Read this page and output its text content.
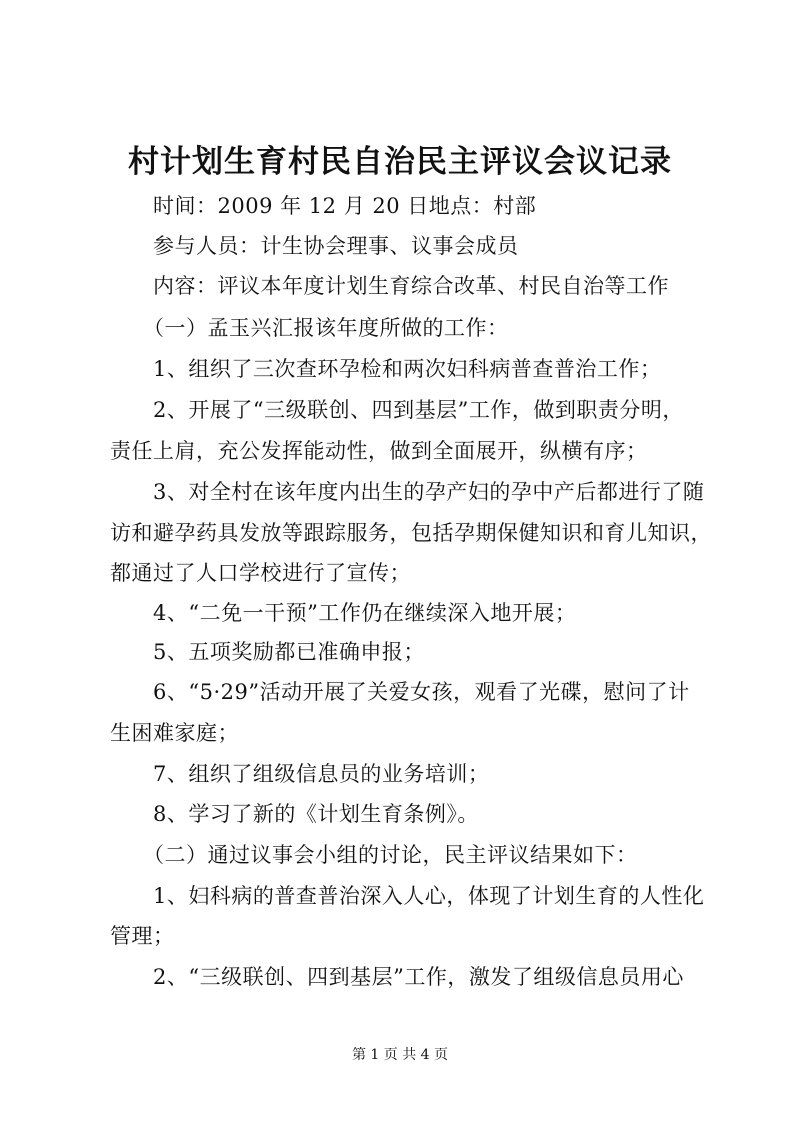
村计划生育村民自治民主评议会议记录
时间：2009 年 12 月 20 日地点：村部
参与人员：计生协会理事、议事会成员
内容：评议本年度计划生育综合改革、村民自治等工作
（一）孟玉兴汇报该年度所做的工作：
1、组织了三次查环孕检和两次妇科病普查普治工作；
2、开展了“三级联创、四到基层”工作，做到职责分明，
责任上肩，充公发挥能动性，做到全面展开，纵横有序；
3、对全村在该年度内出生的孕产妇的孕中产后都进行了随
访和避孕药具发放等跟踪服务，包括孕期保健知识和育儿知识，
都通过了人口学校进行了宣传；
4、“二免一干预”工作仍在继续深入地开展；
5、五项奖励都已准确申报；
6、“5·29”活动开展了关爱女孩，观看了光碟，慰问了计
生困难家庭；
7、组织了组级信息员的业务培训；
8、学习了新的《计划生育条例》。
（二）通过议事会小组的讨论，民主评议结果如下：
1、妇科病的普查普治深入人心，体现了计划生育的人性化
管理；
2、“三级联创、四到基层”工作，激发了组级信息员用心
第 1 页 共 4 页
